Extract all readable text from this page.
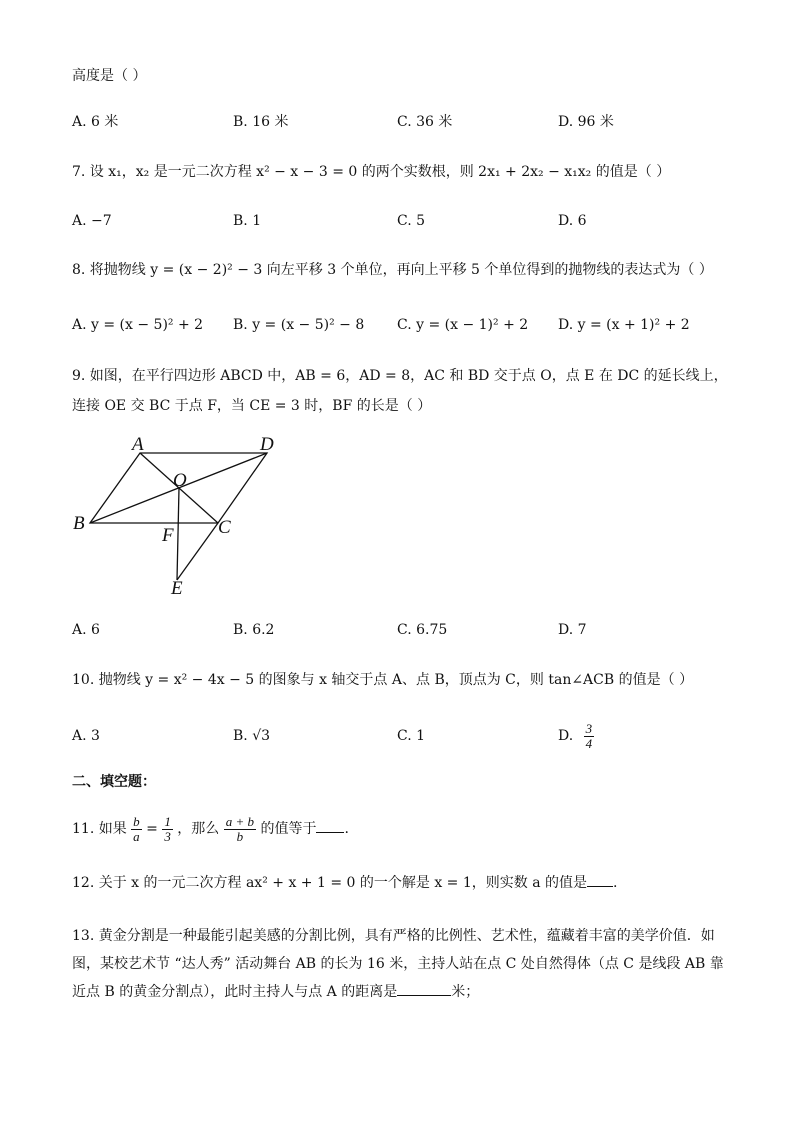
高度是（ ）
A. 6 米	B. 16 米	C. 36 米	D. 96 米
7. 设 x₁，x₂ 是一元二次方程 x² − x − 3 = 0 的两个实数根，则 2x₁ + 2x₂ − x₁x₂ 的值是（ ）
A. −7	B. 1	C. 5	D. 6
8. 将抛物线 y = (x − 2)² − 3 向左平移 3 个单位，再向上平移 5 个单位得到的抛物线的表达式为（ ）
A. y = (x − 5)² + 2 B. y = (x − 5)² − 8 C. y = (x − 1)² + 2 D. y = (x + 1)² + 2
9. 如图，在平行四边形 ABCD 中，AB = 6，AD = 8，AC 和 BD 交于点 O，点 E 在 DC 的延长线上，
连接 OE 交 BC 于点 F，当 CE = 3 时，BF 的长是（ ）
A	D
O
B	C
F
E
A. 6	B. 6.2	C. 6.75	D. 7
10. 抛物线 y = x² − 4x − 5 的图象与 x 轴交于点 A、点 B，顶点为 C，则 tan∠ACB 的值是（ ）
A. 3	B. √3	C. 1	D. $\frac{3}{4}$
二、填空题：
11. 如果 $\frac{b}{a} = \frac{1}{3}$ ，那么 $\frac{a + b}{b}$ 的值等于 .
12. 关于 x 的一元二次方程 ax² + x + 1 = 0 的一个解是 x = 1，则实数 a 的值是 .
13. 黄金分割是一种最能引起美感的分割比例，具有严格的比例性、艺术性，蕴藏着丰富的美学价值．如
图，某校艺术节 “达人秀” 活动舞台 AB 的长为 16 米，主持人站在点 C 处自然得体（点 C 是线段 AB 靠
近点 B 的黄金分割点），此时主持人与点 A 的距离是	米；
